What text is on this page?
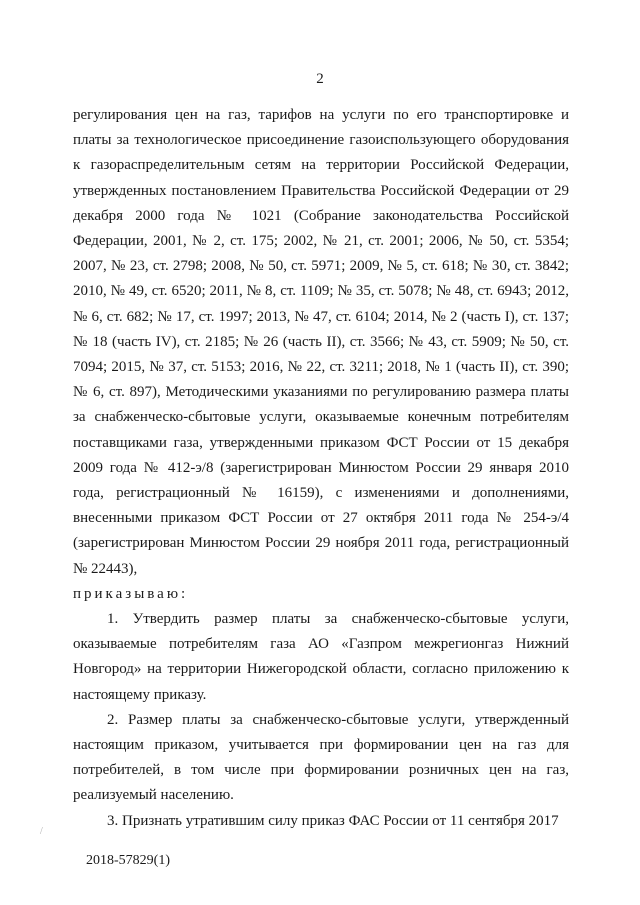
2

регулирования цен на газ, тарифов на услуги по его транспортировке и платы за технологическое присоединение газоиспользующего оборудования к газораспределительным сетям на территории Российской Федерации, утвержденных постановлением Правительства Российской Федерации от 29 декабря 2000 года № 1021 (Собрание законодательства Российской Федерации, 2001, № 2, ст. 175; 2002, № 21, ст. 2001; 2006, № 50, ст. 5354; 2007, № 23, ст. 2798; 2008, № 50, ст. 5971; 2009, № 5, ст. 618; № 30, ст. 3842; 2010, № 49, ст. 6520; 2011, № 8, ст. 1109; № 35, ст. 5078; № 48, ст. 6943; 2012, № 6, ст. 682; № 17, ст. 1997; 2013, № 47, ст. 6104; 2014, № 2 (часть I), ст. 137; № 18 (часть IV), ст. 2185; № 26 (часть II), ст. 3566; № 43, ст. 5909; № 50, ст. 7094; 2015, № 37, ст. 5153; 2016, № 22, ст. 3211; 2018, № 1 (часть II), ст. 390; № 6, ст. 897), Методическими указаниями по регулированию размера платы за снабженческо-сбытовые услуги, оказываемые конечным потребителям поставщиками газа, утвержденными приказом ФСТ России от 15 декабря 2009 года № 412-э/8 (зарегистрирован Минюстом России 29 января 2010 года, регистрационный № 16159), с изменениями и дополнениями, внесенными приказом ФСТ России от 27 октября 2011 года № 254-э/4 (зарегистрирован Минюстом России 29 ноября 2011 года, регистрационный № 22443),

приказываю:

1. Утвердить размер платы за снабженческо-сбытовые услуги, оказываемые потребителям газа АО «Газпром межрегионгаз Нижний Новгород» на территории Нижегородской области, согласно приложению к настоящему приказу.

2. Размер платы за снабженческо-сбытовые услуги, утвержденный настоящим приказом, учитывается при формировании цен на газ для потребителей, в том числе при формировании розничных цен на газ, реализуемый населению.

3. Признать утратившим силу приказ ФАС России от 11 сентября 2017

/
2018-57829(1)
